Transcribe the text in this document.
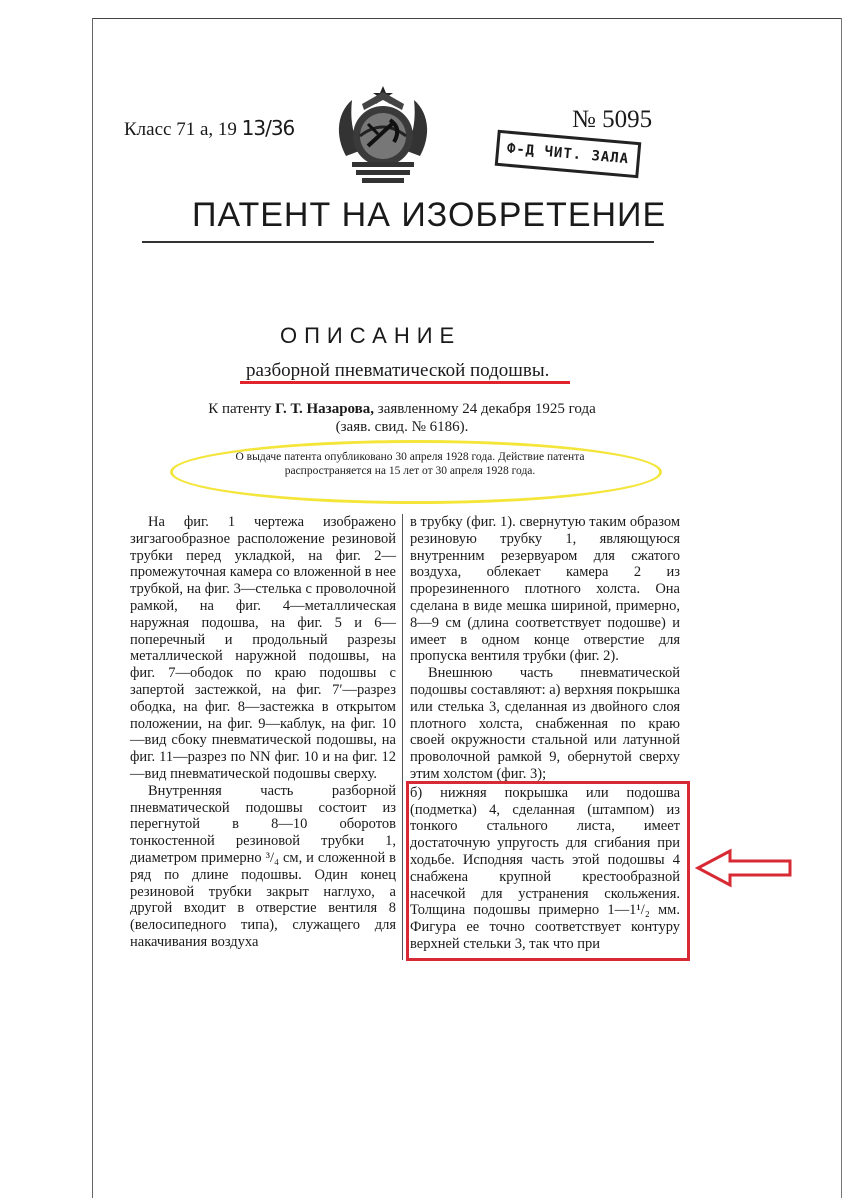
Класс 71 а, 19 13/36	№ 5095
Ф-Д ЧИТ. ЗАЛА
ПАТЕНТ НА ИЗОБРЕТЕНИЕ
ОПИСАНИЕ
разборной пневматической подошвы.
К патенту Г. Т. Назарова, заявленному 24 декабря 1925 года
(заяв. свид. № 6186).
О выдаче патента опубликовано 30 апреля 1928 года. Действие патента
распространяется на 15 лет от 30 апреля 1928 года.

На фиг. 1 чертежа изображено зигзагообразное расположение резиновой трубки перед укладкой, на фиг. 2—промежуточная камера со вложенной в нее трубкой, на фиг. 3—стелька с проволочной рамкой, на фиг. 4—металлическая наружная подошва, на фиг. 5 и 6—поперечный и продольный разрезы металлической наружной подошвы, на фиг. 7—ободок по краю подошвы с запертой застежкой, на фиг. 7′—разрез ободка, на фиг. 8—застежка в открытом положении, на фиг. 9—каблук, на фиг. 10—вид сбоку пневматической подошвы, на фиг. 11—разрез по NN фиг. 10 и на фиг. 12—вид пневматической подошвы сверху.

Внутренняя часть разборной пневматической подошвы состоит из перегнутой в 8—10 оборотов тонкостенной резиновой трубки 1, диаметром примерно ³/₄ см, и сложенной в ряд по длине подошвы. Один конец резиновой трубки закрыт наглухо, а другой входит в отверстие вентиля 8 (велосипедного типа), служащего для накачивания воздуха

в трубку (фиг. 1). свернутую таким образом резиновую трубку 1, являющуюся внутренним резервуаром для сжатого воздуха, облекает камера 2 из прорезиненного плотного холста. Она сделана в виде мешка шириной, примерно, 8—9 см (длина соответствует подошве) и имеет в одном конце отверстие для пропуска вентиля трубки (фиг. 2).

Внешнюю часть пневматической подошвы составляют: а) верхняя покрышка или стелька 3, сделанная из двойного слоя плотного холста, снабженная по краю своей окружности стальной или латунной проволочной рамкой 9, обернутой сверху этим холстом (фиг. 3);

б) нижняя покрышка или подошва (подметка) 4, сделанная (штампом) из тонкого стального листа, имеет достаточную упругость для сгибания при ходьбе. Исподняя часть этой подошвы 4 снабжена крупной крестообразной насечкой для устранения скольжения. Толщина подошвы примерно 1—1¹/₂ мм. Фигура ее точно соответствует контуру верхней стельки 3, так что при
